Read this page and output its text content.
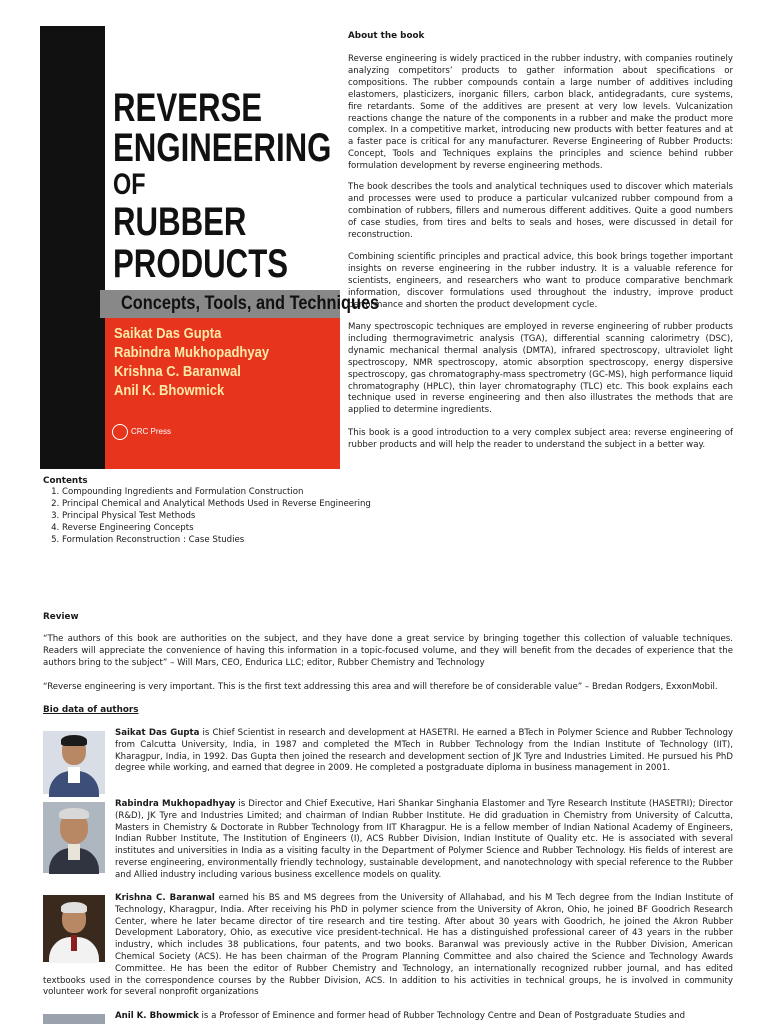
REVERSE
ENGINEERING
OF
RUBBER
PRODUCTS
Concepts, Tools, and Techniques
Saikat Das Gupta
Rabindra Mukhopadhyay
Krishna C. Baranwal
Anil K. Bhowmick
CRC Press
About the book
Reverse engineering is widely practiced in the rubber industry, with companies routinely analyzing competitors’ products to gather information about specifications or compositions. The rubber compounds contain a large number of additives including elastomers, plasticizers, inorganic fillers, carbon black, antidegradants, cure systems, fire retardants. Some of the additives are present at very low levels. Vulcanization reactions change the nature of the components in a rubber and make the product more complex. In a competitive market, introducing new products with better features and at a faster pace is critical for any manufacturer. Reverse Engineering of Rubber Products: Concept, Tools and Techniques explains the principles and science behind rubber formulation development by reverse engineering methods.
The book describes the tools and analytical techniques used to discover which materials and processes were used to produce a particular vulcanized rubber compound from a combination of rubbers, fillers and numerous different additives. Quite a good numbers of case studies, from tires and belts to seals and hoses, were discussed in detail for reconstruction.
Combining scientific principles and practical advice, this book brings together important insights on reverse engineering in the rubber industry. It is a valuable reference for scientists, engineers, and researchers who want to produce comparative benchmark information, discover formulations used throughout the industry, improve product performance and shorten the product development cycle.
Many spectroscopic techniques are employed in reverse engineering of rubber products including thermogravimetric analysis (TGA), differential scanning calorimetry (DSC), dynamic mechanical thermal analysis (DMTA), infrared spectroscopy, ultraviolet light spectroscopy, NMR spectroscopy, atomic absorption spectroscopy, energy dispersive spectroscopy, gas chromatography-mass spectrometry (GC-MS), high performance liquid chromatography (HPLC), thin layer chromatography (TLC) etc. This book explains each technique used in reverse engineering and then also illustrates the methods that are applied to determine ingredients.
This book is a good introduction to a very complex subject area: reverse engineering of rubber products and will help the reader to understand the subject in a better way.
Contents
1. Compounding Ingredients and Formulation Construction
2. Principal Chemical and Analytical Methods Used in Reverse Engineering
3. Principal Physical Test Methods
4. Reverse Engineering Concepts
5. Formulation Reconstruction : Case Studies
Review
“The authors of this book are authorities on the subject, and they have done a great service by bringing together this collection of valuable techniques. Readers will appreciate the convenience of having this information in a topic-focused volume, and they will benefit from the decades of experience that the authors bring to the subject” – Will Mars, CEO, Endurica LLC; editor, Rubber Chemistry and Technology
“Reverse engineering is very important. This is the first text addressing this area and will therefore be of considerable value” – Bredan Rodgers, ExxonMobil.
Bio data of authors
Saikat Das Gupta is Chief Scientist in research and development at HASETRI. He earned a BTech in Polymer Science and Rubber Technology from Calcutta University, India, in 1987 and completed the MTech in Rubber Technology from the Indian Institute of Technology (IIT), Kharagpur, India, in 1992. Das Gupta then joined the research and development section of JK Tyre and Industries Limited. He pursued his PhD degree while working, and earned that degree in 2009. He completed a postgraduate diploma in business management in 2001.
Rabindra Mukhopadhyay is Director and Chief Executive, Hari Shankar Singhania Elastomer and Tyre Research Institute (HASETRI); Director (R&D), JK Tyre and Industries Limited; and chairman of Indian Rubber Institute. He did graduation in Chemistry from University of Calcutta, Masters in Chemistry & Doctorate in Rubber Technology from IIT Kharagpur. He is a fellow member of Indian National Academy of Engineers, Indian Rubber Institute, The Institution of Engineers (I), ACS Rubber Division, Indian Institute of Quality etc. He is associated with several institutes and universities in India as a visiting faculty in the Department of Polymer Science and Rubber Technology. His fields of interest are reverse engineering, environmentally friendly technology, sustainable development, and nanotechnology with special reference to the Rubber and Allied industry including various business excellence models on quality.
Krishna C. Baranwal earned his BS and MS degrees from the University of Allahabad, and his M Tech degree from the Indian Institute of Technology, Kharagpur, India. After receiving his PhD in polymer science from the University of Akron, Ohio, he joined BF Goodrich Research Center, where he later became director of tire research and tire testing. After about 30 years with Goodrich, he joined the Akron Rubber Development Laboratory, Ohio, as executive vice president-technical. He has a distinguished professional career of 43 years in the rubber industry, which includes 38 publications, four patents, and two books. Baranwal was previously active in the Rubber Division, American Chemical Society (ACS). He has been chairman of the Program Planning Committee and also chaired the Science and Technology Awards Committee. He has been the editor of Rubber Chemistry and Technology, an internationally recognized rubber journal, and has edited textbooks used in the correspondence courses by the Rubber Division, ACS. In addition to his activities in technical groups, he is involved in community volunteer work for several nonprofit organizations
Anil K. Bhowmick is a Professor of Eminence and former head of Rubber Technology Centre and Dean of Postgraduate Studies and
